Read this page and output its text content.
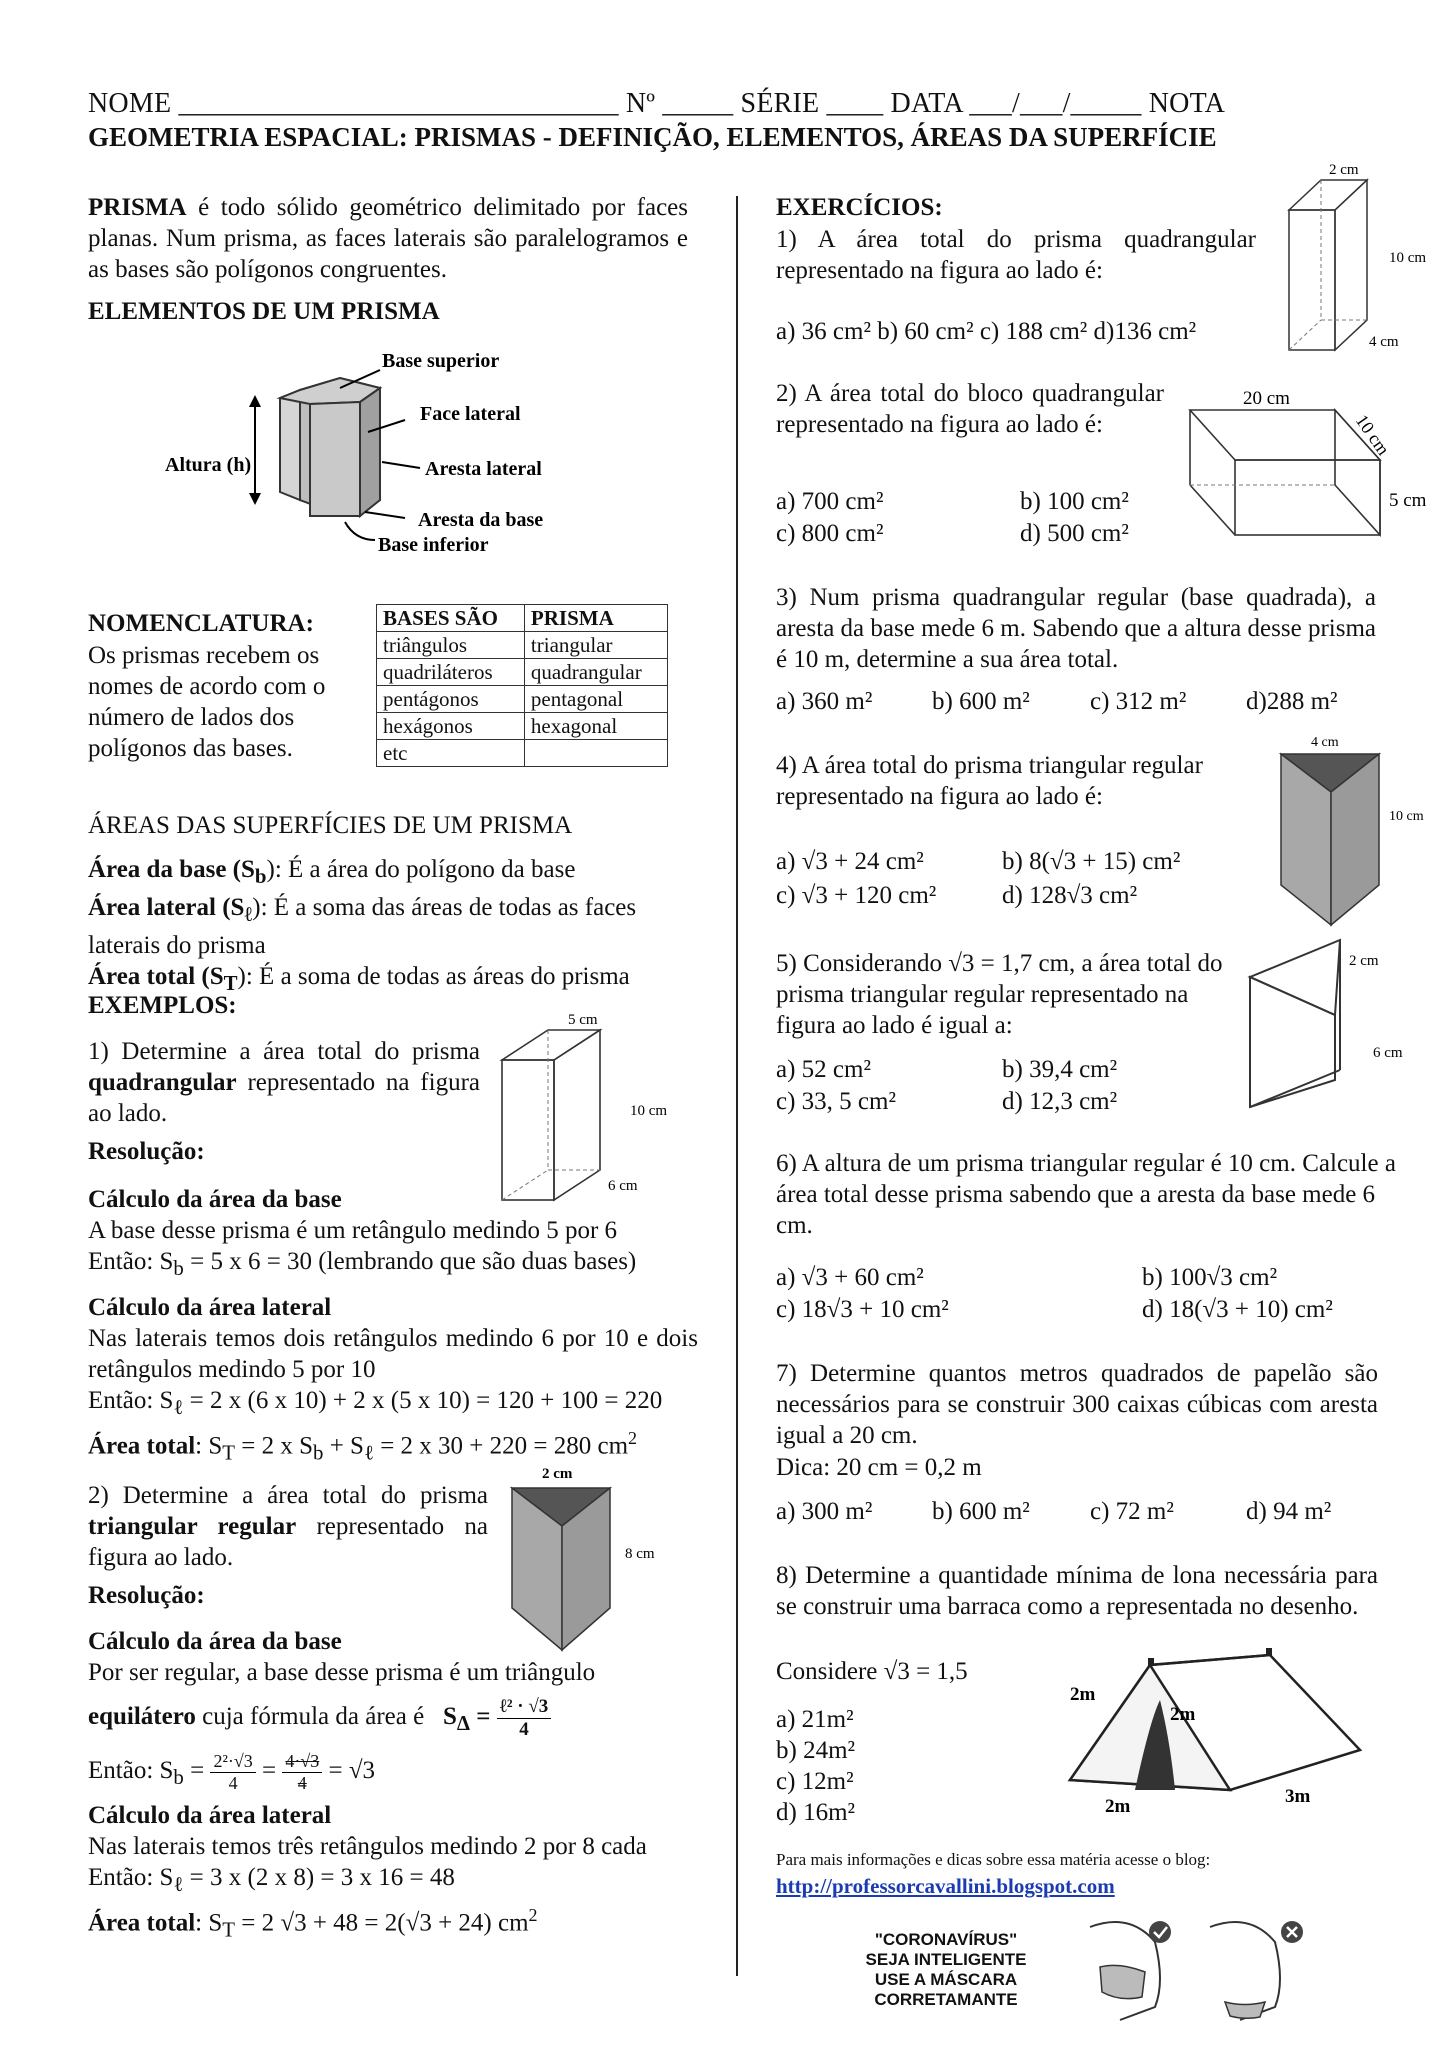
NOME _______________________________ Nº _____ SÉRIE ____ DATA ___/___/_____ NOTA
GEOMETRIA ESPACIAL: PRISMAS - DEFINIÇÃO, ELEMENTOS, ÁREAS DA SUPERFÍCIE
PRISMA é todo sólido geométrico delimitado por faces planas. Num prisma, as faces laterais são paralelogramos e as bases são polígonos congruentes.
ELEMENTOS DE UM PRISMA
Base superior
Face lateral
Altura (h)	Aresta lateral
Aresta da base
Base inferior
NOMENCLATURA:
Os prismas recebem os nomes de acordo com o número de lados dos polígonos das bases.
BASES SÃO	PRISMA
triângulos	triangular
quadriláteros	quadrangular
pentágonos	pentagonal
hexágonos	hexagonal
etc	
ÁREAS DAS SUPERFÍCIES DE UM PRISMA
Área da base $(S_b)$: É a área do polígono da base
Área lateral $(S_\ell)$: É a soma das áreas de todas as faces laterais do prisma
Área total $(S_T)$: É a soma de todas as áreas do prisma
EXEMPLOS:
1) Determine a área total do prisma quadrangular representado na figura ao lado.
5 cm
10 cm
6 cm
Resolução:
Cálculo da área da base
A base desse prisma é um retângulo medindo 5 por 6
Então: $S_b = 5$ x 6 = 30 (lembrando que são duas bases)
Cálculo da área lateral
Nas laterais temos dois retângulos medindo 6 por 10 e dois retângulos medindo 5 por 10
Então: $S_\ell = 2$ x (6 x 10) + 2 x (5 x 10) = 120 + 100 = 220
Área total: $S_T = 2$ x $S_b + S_\ell = 2$ x 30 + 220 = 280 $cm^2$
2) Determine a área total do prisma triangular regular representado na figura ao lado.
2 cm
8 cm
Resolução:
Cálculo da área da base
Por ser regular, a base desse prisma é um triângulo
equilátero cuja fórmula da área é   $S_\Delta$ = ℓ² · √3
4
Então: $S_b = \frac{\text{2²·√3}}{4} = \frac{4\cdot√3}{4} = √3$
Cálculo da área lateral
Nas laterais temos três retângulos medindo 2 por 8 cada
Então: $S_\ell = 3$ x (2 x 8) = 3 x 16 = 48
Área total: $S_T = 2$ √3 + 48 = 2(√3 + 24) $cm^2$
EXERCÍCIOS:
1) A área total do prisma quadrangular representado na figura ao lado é:
a) 36 cm² b) 60 cm² c) 188 cm² d)136 cm²
2 cm
10 cm
4 cm
2) A área total do bloco quadrangular representado na figura ao lado é:
a) 700 cm²	b) 100 cm²
c) 800 cm²	d) 500 cm²
20 cm
10 cm
5 cm
3) Num prisma quadrangular regular (base quadrada), a aresta da base mede 6 m. Sabendo que a altura desse prisma é 10 m, determine a sua área total.
a) 360 m² b) 600 m² c) 312 m² d)288 m²
4) A área total do prisma triangular regular representado na figura ao lado é:
a) √3 + 24 cm²	b) 8(√3 + 15) cm²
c) √3 + 120 cm²	d) 128√3 cm²
4 cm
10 cm
5) Considerando √3 = 1,7 cm, a área total do prisma triangular regular representado na figura ao lado é igual a:
a) 52 cm²	b) 39,4 cm²
c) 33, 5 cm²	d) 12,3 cm²
2 cm
6 cm
6) A altura de um prisma triangular regular é 10 cm. Calcule a área total desse prisma sabendo que a aresta da base mede 6 cm.
a) √3 + 60 cm²	b) 100√3 cm²
c) 18√3 + 10 cm²	d) 18(√3 + 10) cm²
7) Determine quantos metros quadrados de papelão são necessários para se construir 300 caixas cúbicas com aresta igual a 20 cm.
Dica: 20 cm = 0,2 m
a) 300 m² b) 600 m² c) 72 m²	d) 94 m²
8) Determine a quantidade mínima de lona necessária para se construir uma barraca como a representada no desenho.
Considere √3 = 1,5
a) 21m²
b) 24m²
c) 12m²
d) 16m²
2m
2m
2m	3m
Para mais informações e dicas sobre essa matéria acesse o blog:
http://professorcavallini.blogspot.com
"CORONAVÍRUS"
SEJA INTELIGENTE
USE A MÁSCARA
CORRETAMANTE
